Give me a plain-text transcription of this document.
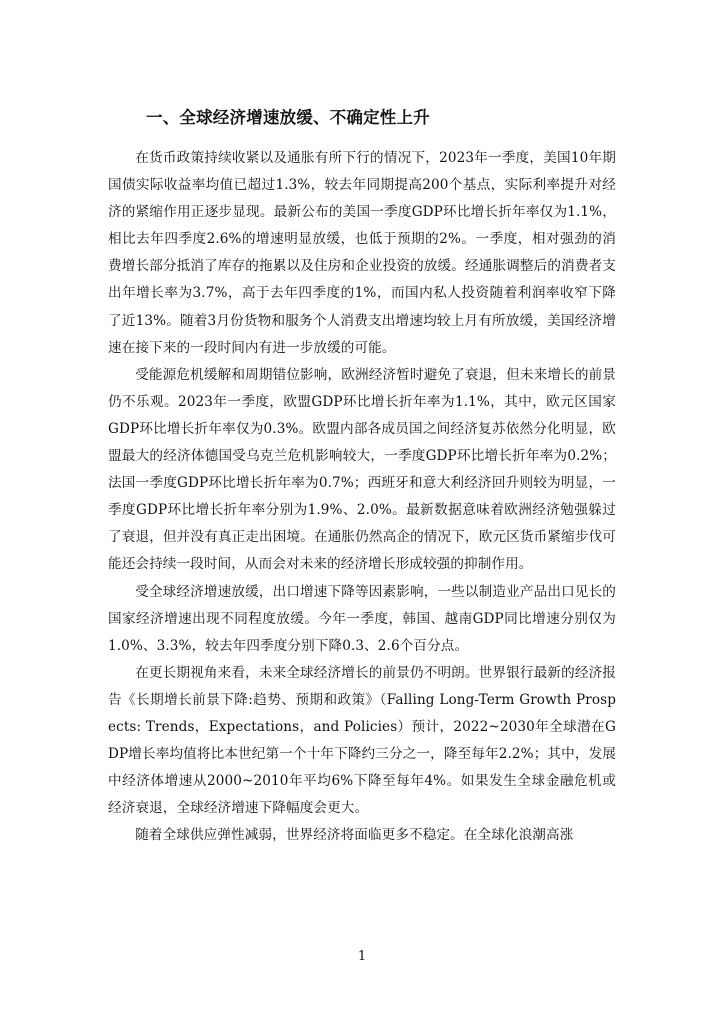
一、全球经济增速放缓、不确定性上升

在货币政策持续收紧以及通胀有所下行的情况下，2023年一季度，美国10年期国债实际收益率均值已超过1.3%，较去年同期提高200个基点，实际利率提升对经济的紧缩作用正逐步显现。最新公布的美国一季度GDP环比增长折年率仅为1.1%，相比去年四季度2.6%的增速明显放缓，也低于预期的2%。一季度，相对强劲的消费增长部分抵消了库存的拖累以及住房和企业投资的放缓。经通胀调整后的消费者支出年增长率为3.7%，高于去年四季度的1%，而国内私人投资随着利润率收窄下降了近13%。随着3月份货物和服务个人消费支出增速均较上月有所放缓，美国经济增速在接下来的一段时间内有进一步放缓的可能。

受能源危机缓解和周期错位影响，欧洲经济暂时避免了衰退，但未来增长的前景仍不乐观。2023年一季度，欧盟GDP环比增长折年率为1.1%，其中，欧元区国家GDP环比增长折年率仅为0.3%。欧盟内部各成员国之间经济复苏依然分化明显，欧盟最大的经济体德国受乌克兰危机影响较大，一季度GDP环比增长折年率为0.2%；法国一季度GDP环比增长折年率为0.7%；西班牙和意大利经济回升则较为明显，一季度GDP环比增长折年率分别为1.9%、2.0%。最新数据意味着欧洲经济勉强躲过了衰退，但并没有真正走出困境。在通胀仍然高企的情况下，欧元区货币紧缩步伐可能还会持续一段时间，从而会对未来的经济增长形成较强的抑制作用。

受全球经济增速放缓，出口增速下降等因素影响，一些以制造业产品出口见长的国家经济增速出现不同程度放缓。今年一季度，韩国、越南GDP同比增速分别仅为1.0%、3.3%，较去年四季度分别下降0.3、2.6个百分点。

在更长期视角来看，未来全球经济增长的前景仍不明朗。世界银行最新的经济报告《长期增长前景下降:趋势、预期和政策》（Falling Long-Term Growth Prospects: Trends，Expectations，and Policies）预计，2022~2030年全球潜在GDP增长率均值将比本世纪第一个十年下降约三分之一，降至每年2.2%；其中，发展中经济体增速从2000~2010年平均6%下降至每年4%。如果发生全球金融危机或经济衰退，全球经济增速下降幅度会更大。

随着全球供应弹性减弱，世界经济将面临更多不稳定。在全球化浪潮高涨

1
